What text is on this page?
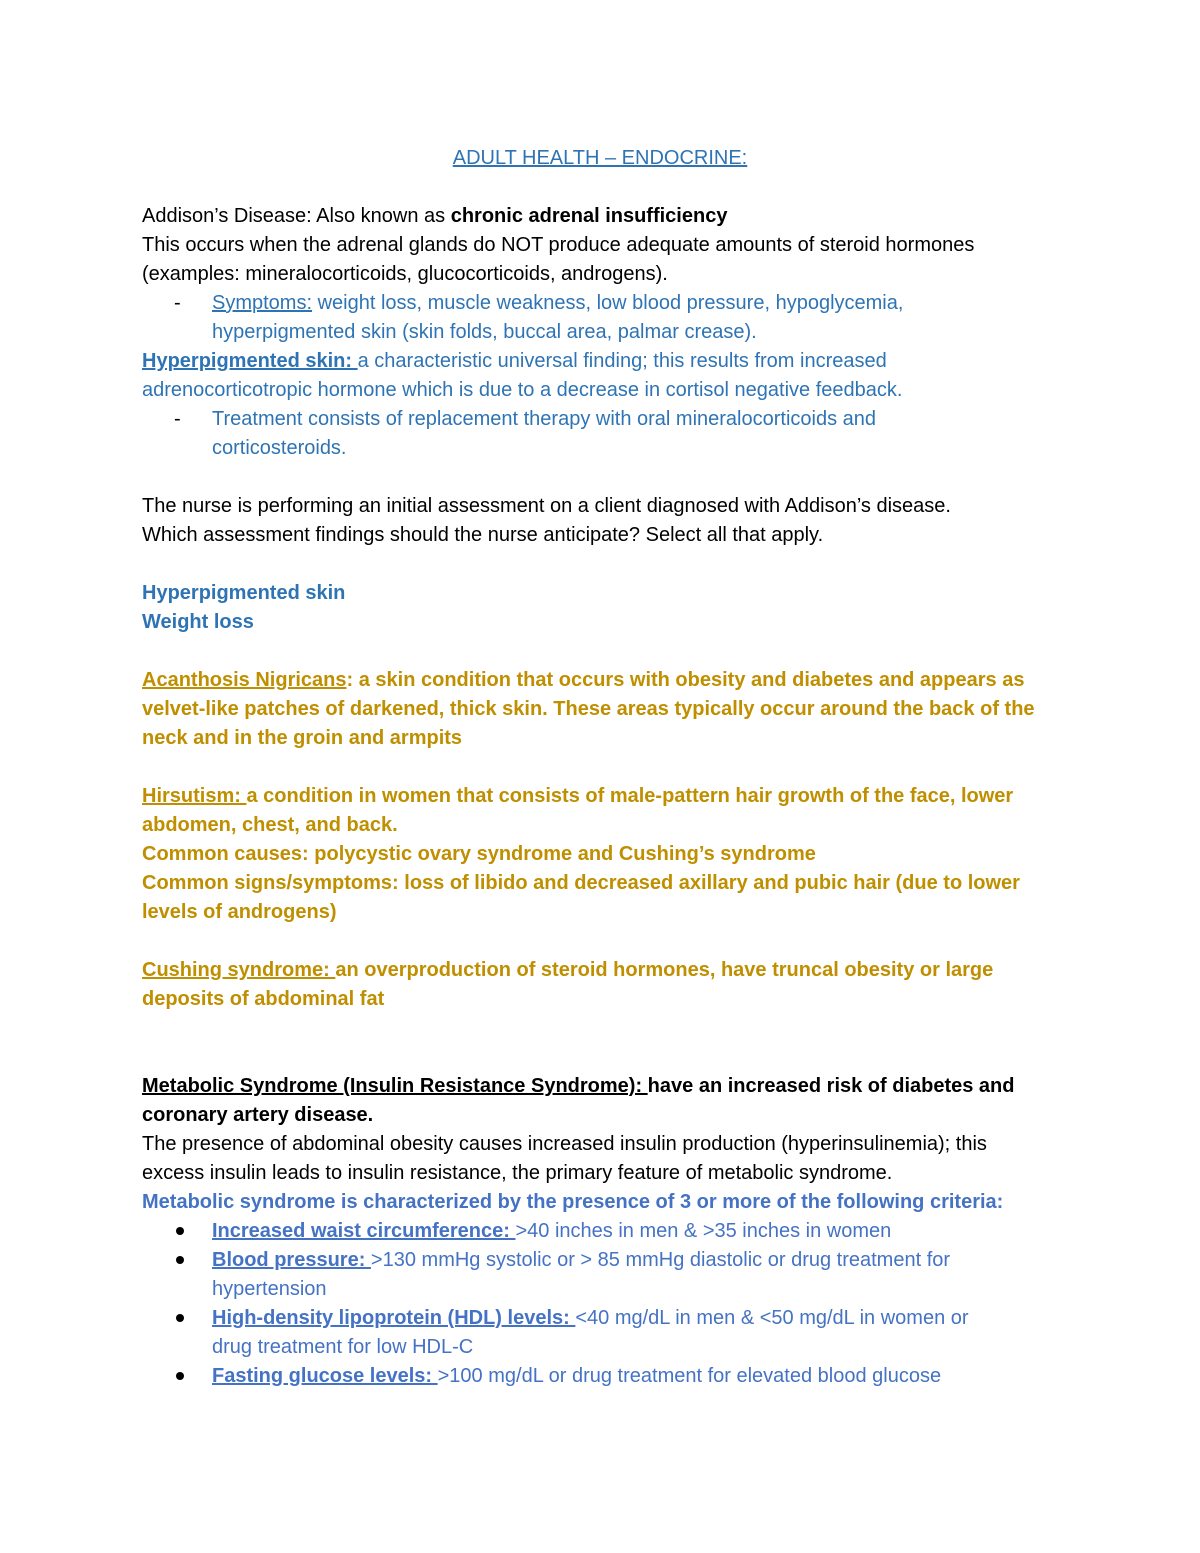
ADULT HEALTH – ENDOCRINE:
Addison’s Disease: Also known as chronic adrenal insufficiency
This occurs when the adrenal glands do NOT produce adequate amounts of steroid hormones
(examples: mineralocorticoids, glucocorticoids, androgens).
-	Symptoms: weight loss, muscle weakness, low blood pressure, hypoglycemia,
hyperpigmented skin (skin folds, buccal area, palmar crease).
Hyperpigmented skin: a characteristic universal finding; this results from increased
adrenocorticotropic hormone which is due to a decrease in cortisol negative feedback.
-	Treatment consists of replacement therapy with oral mineralocorticoids and
corticosteroids.
The nurse is performing an initial assessment on a client diagnosed with Addison’s disease.
Which assessment findings should the nurse anticipate? Select all that apply.
Hyperpigmented skin
Weight loss
Acanthosis Nigricans: a skin condition that occurs with obesity and diabetes and appears as
velvet-like patches of darkened, thick skin. These areas typically occur around the back of the
neck and in the groin and armpits
Hirsutism: a condition in women that consists of male-pattern hair growth of the face, lower
abdomen, chest, and back.
Common causes: polycystic ovary syndrome and Cushing’s syndrome
Common signs/symptoms: loss of libido and decreased axillary and pubic hair (due to lower
levels of androgens)
Cushing syndrome: an overproduction of steroid hormones, have truncal obesity or large
deposits of abdominal fat
Metabolic Syndrome (Insulin Resistance Syndrome): have an increased risk of diabetes and
coronary artery disease.
The presence of abdominal obesity causes increased insulin production (hyperinsulinemia); this
excess insulin leads to insulin resistance, the primary feature of metabolic syndrome.
Metabolic syndrome is characterized by the presence of 3 or more of the following criteria:
Increased waist circumference: >40 inches in men & >35 inches in women
Blood pressure: >130 mmHg systolic or > 85 mmHg diastolic or drug treatment for
hypertension
High-density lipoprotein (HDL) levels: <40 mg/dL in men & <50 mg/dL in women or
drug treatment for low HDL-C
Fasting glucose levels: >100 mg/dL or drug treatment for elevated blood glucose
